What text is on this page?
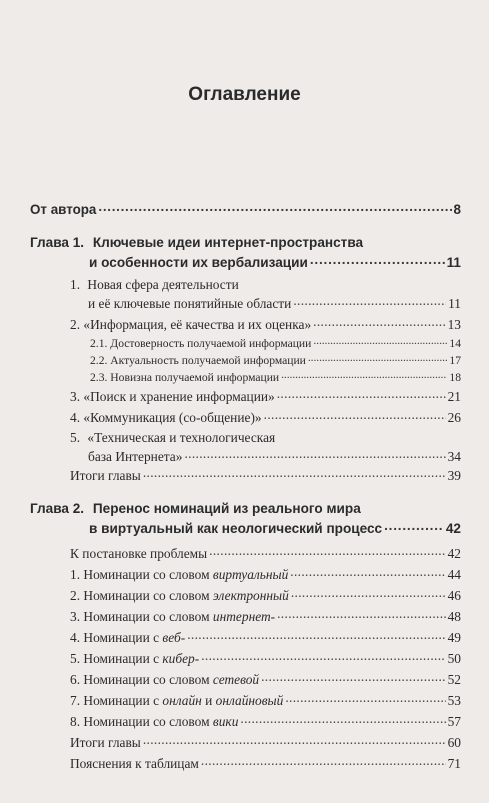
Оглавление
От автора . . .	8
Глава 1. Ключевые идеи интернет-пространства
и особенности их вербализации . . .	11
1. Новая сфера деятельности
и её ключевые понятийные области . . .	11
2. «Информация, её качества и их оценка» . . .	13
2.1. Достоверность получаемой информации . . .	14
2.2. Актуальность получаемой информации . . .	17
2.3. Новизна получаемой информации . . .	18
3. «Поиск и хранение информации» . . .	21
4. «Коммуникация (со-общение)» . . .	26
5. «Техническая и технологическая
база Интернета» . . .	34
Итоги главы . . .	39
Глава 2. Перенос номинаций из реального мира
в виртуальный как неологический процесс . . .	42
К постановке проблемы . . .	42
1. Номинации со словом виртуальный . . .	44
2. Номинации со словом электронный . . .	46
3. Номинации со словом интернет- . . .	48
4. Номинации с веб- . . .	49
5. Номинации с кибер- . . .	50
6. Номинации со словом сетевой . . .	52
7. Номинации с онлайн и онлайновый . . .	53
8. Номинации со словом вики . . .	57
Итоги главы . . .	60
Пояснения к таблицам . . .	71
